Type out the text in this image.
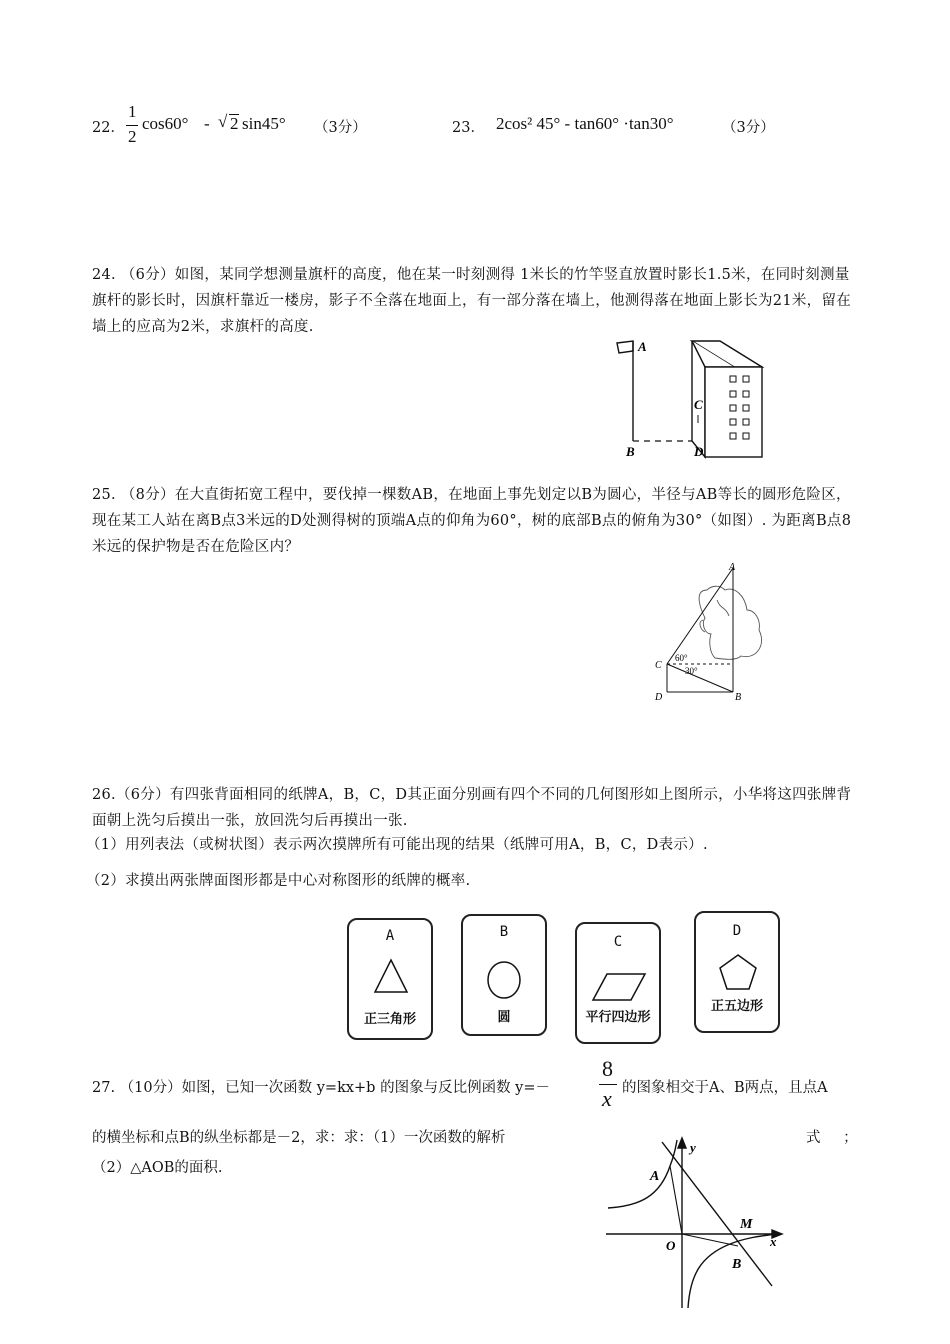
22．
1
2
cos60° - √ 2 sin45° （3分）	23． 2cos² 45° - tan60° ·tan30°	（3分）
24. （6分）如图，某同学想测量旗杆的高度，他在某一时刻测得 1米长的竹竿竖直放置时影长1.5米，在同时刻测量旗杆的影长时，因旗杆靠近一楼房，影子不全落在地面上，有一部分落在墙上，他测得落在地面上影长为21米，留在墙上的应高为2米，求旗杆的高度.
A
B
C
D
25. （8分）在大直街拓宽工程中，要伐掉一棵数AB，在地面上事先划定以B为圆心，半径与AB等长的圆形危险区，现在某工人站在离B点3米远的D处测得树的顶端A点的仰角为60°，树的底部B点的俯角为30°（如图）. 为距离B点8米远的保护物是否在危险区内？
A
C
D	B
60°
30°
26.（6分）有四张背面相同的纸牌A，B，C，D其正面分别画有四个不同的几何图形如上图所示，小华将这四张牌背面朝上洗匀后摸出一张，放回洗匀后再摸出一张.
（1）用列表法（或树状图）表示两次摸牌所有可能出现的结果（纸牌可用A，B，C，D表示）.
（2）求摸出两张牌面图形都是中心对称图形的纸牌的概率.
A
正三角形
B
圆
C
平行四边形
D
正五边形
27. （10分）如图，已知一次函数 y=kx+b 的图象与反比例函数 y=－
8
x 的图象相交于A、B两点，且点A
的横坐标和点B的纵坐标都是－2，求：求：（1）一次函数的解析	式 ；
（2）△AOB的面积.
y
x
A
O
M
B
